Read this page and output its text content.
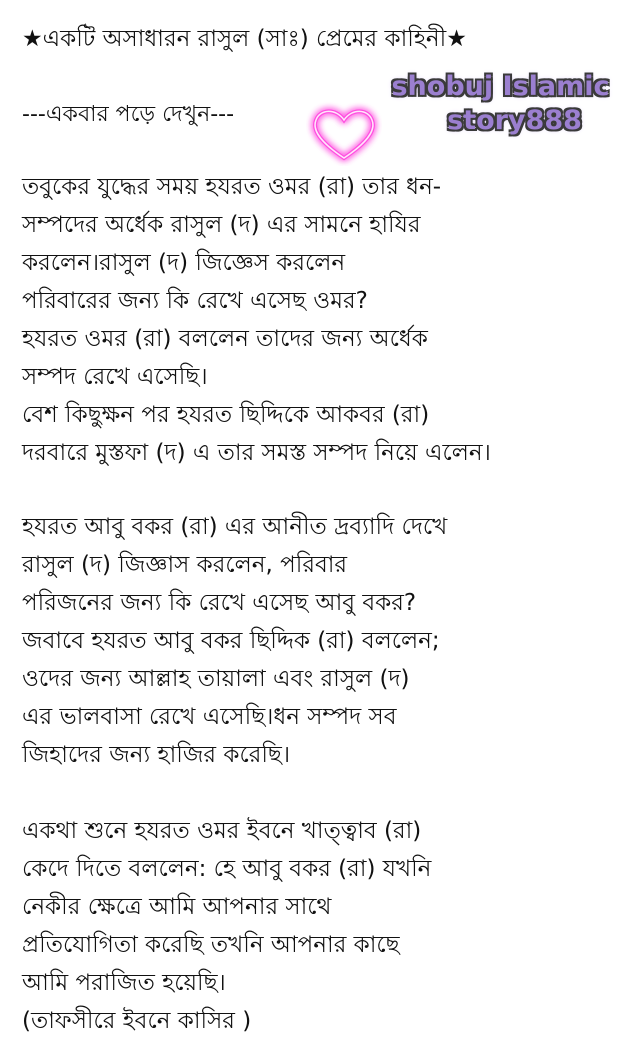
★একটি অসাধারন রাসুল (সাঃ) প্রেমের কাহিনী★
---একবার পড়ে দেখুন---
shobuj Islamic
story888
তবুকের যুদ্ধের সময় হযরত ওমর (রা) তার ধন-
সম্পদের অর্ধেক রাসুল (দ) এর সামনে হাযির
করলেন।রাসুল (দ) জিজ্ঞেস করলেন
পরিবারের জন্য কি রেখে এসেছ ওমর?
হযরত ওমর (রা) বললেন তাদের জন্য অর্ধেক
সম্পদ রেখে এসেছি।
বেশ কিছুক্ষন পর হযরত ছিদ্দিকে আকবর (রা)
দরবারে মুস্তফা (দ) এ তার সমস্ত সম্পদ নিয়ে এলেন।
হযরত আবু বকর (রা) এর আনীত দ্রব্যাদি দেখে
রাসুল (দ) জিজ্ঞাস করলেন, পরিবার
পরিজনের জন্য কি রেখে এসেছ আবু বকর?
জবাবে হযরত আবু বকর ছিদ্দিক (রা) বললেন;
ওদের জন্য আল্লাহ তায়ালা এবং রাসুল (দ)
এর ভালবাসা রেখে এসেছি।ধন সম্পদ সব
জিহাদের জন্য হাজির করেছি।
একথা শুনে হযরত ওমর ইবনে খাত্ত্বাব (রা)
কেদে দিতে বললেন: হে আবু বকর (রা) যখনি
নেকীর ক্ষেত্রে আমি আপনার সাথে
প্রতিযোগিতা করেছি তখনি আপনার কাছে
আমি পরাজিত হয়েছি।
(তাফসীরে ইবনে কাসির )
